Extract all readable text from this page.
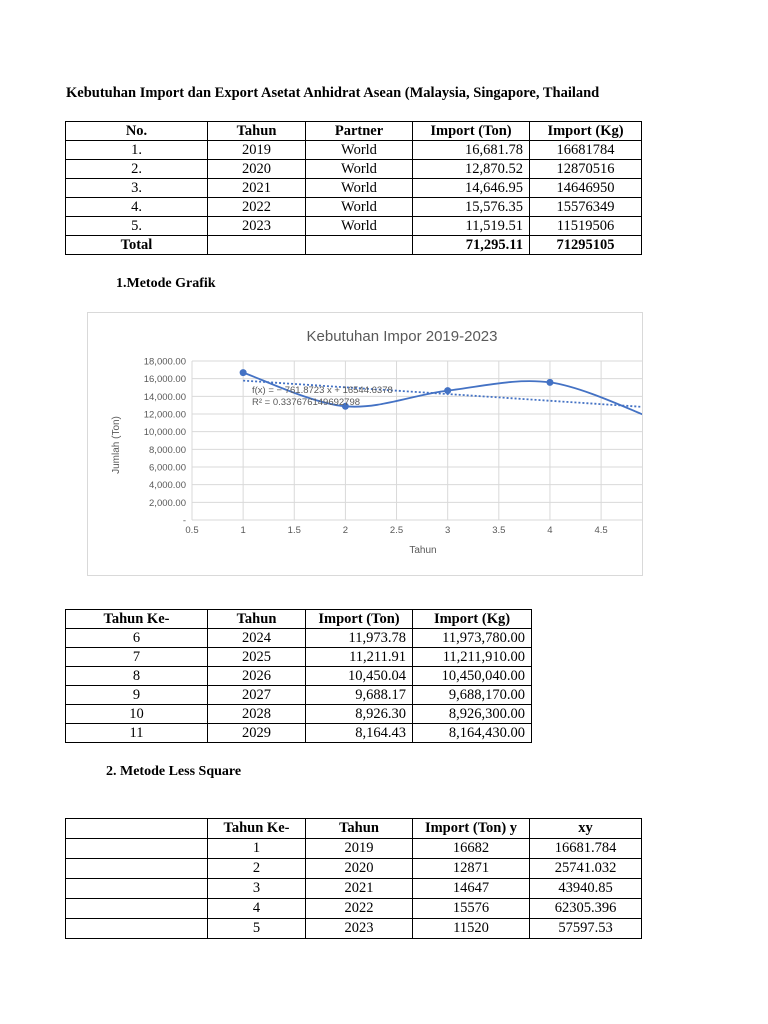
Kebutuhan Import dan Export Asetat Anhidrat Asean (Malaysia, Singapore, Thailand
No.	Tahun	Partner	Import (Ton)	Import (Kg)
1.	2019	World	16,681.78	16681784
2.	2020	World	12,870.52	12870516
3.	2021	World	14,646.95	14646950
4.	2022	World	15,576.35	15576349
5.	2023	World	11,519.51	11519506
Total			71,295.11	71295105
1.Metode Grafik
Kebutuhan Impor 2019-2023
-
2,000.00
4,000.00
6,000.00
8,000.00
10,000.00
12,000.00
14,000.00
16,000.00
18,000.00
0.5	1	1.5	2	2.5	3	3.5	4	4.5
f(x) = − 761.8723 x + 16544.6378
R² = 0.337676149692798
Jumlah (Ton)
Tahun
Tahun Ke-	Tahun	Import (Ton)	Import (Kg)
6	2024	11,973.78	11,973,780.00
7	2025	11,211.91	11,211,910.00
8	2026	10,450.04	10,450,040.00
9	2027	9,688.17	9,688,170.00
10	2028	8,926.30	8,926,300.00
11	2029	8,164.43	8,164,430.00
2. Metode Less Square
	Tahun Ke-	Tahun	Import (Ton) y	xy
	1	2019	16682	16681.784
	2	2020	12871	25741.032
	3	2021	14647	43940.85
	4	2022	15576	62305.396
	5	2023	11520	57597.53
